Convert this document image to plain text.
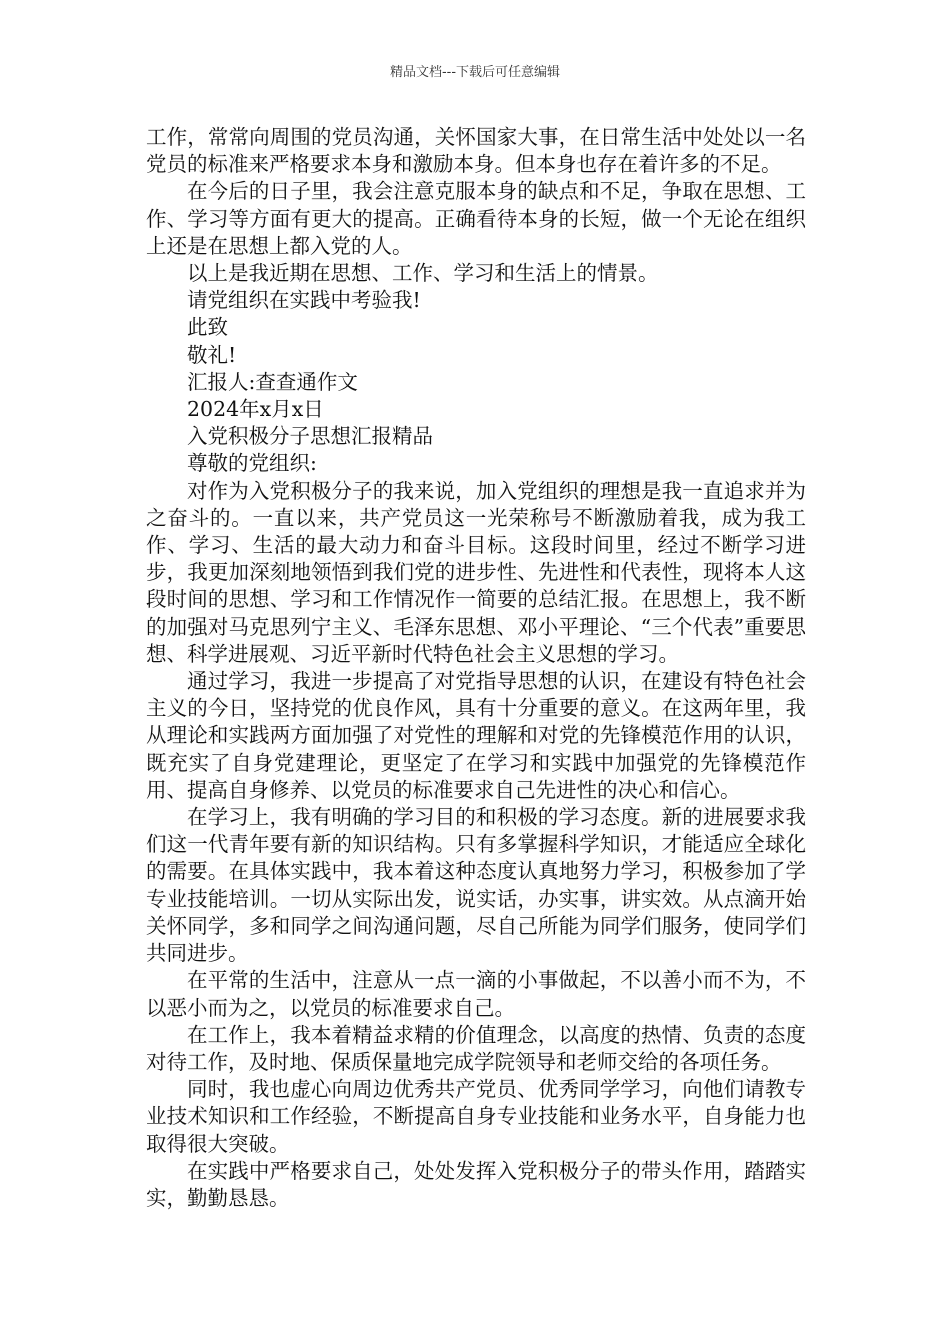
精品文档---下载后可任意编辑

工作，常常向周围的党员沟通，关怀国家大事，在日常生活中处处以一名党员的标准来严格要求本身和激励本身。但本身也存在着许多的不足。

在今后的日子里，我会注意克服本身的缺点和不足，争取在思想、工作、学习等方面有更大的提高。正确看待本身的长短，做一个无论在组织上还是在思想上都入党的人。

以上是我近期在思想、工作、学习和生活上的情景。

请党组织在实践中考验我!

此致

敬礼!

汇报人:查查通作文

2024年x月x日

入党积极分子思想汇报精品

尊敬的党组织:

对作为入党积极分子的我来说，加入党组织的理想是我一直追求并为之奋斗的。一直以来，共产党员这一光荣称号不断激励着我，成为我工作、学习、生活的最大动力和奋斗目标。这段时间里，经过不断学习进步，我更加深刻地领悟到我们党的进步性、先进性和代表性，现将本人这段时间的思想、学习和工作情况作一简要的总结汇报。在思想上，我不断的加强对马克思列宁主义、毛泽东思想、邓小平理论、“三个代表”重要思想、科学进展观、习近平新时代特色社会主义思想的学习。

通过学习，我进一步提高了对党指导思想的认识，在建设有特色社会主义的今日，坚持党的优良作风，具有十分重要的意义。在这两年里，我从理论和实践两方面加强了对党性的理解和对党的先锋模范作用的认识，既充实了自身党建理论，更坚定了在学习和实践中加强党的先锋模范作用、提高自身修养、以党员的标准要求自己先进性的决心和信心。

在学习上，我有明确的学习目的和积极的学习态度。新的进展要求我们这一代青年要有新的知识结构。只有多掌握科学知识，才能适应全球化的需要。在具体实践中，我本着这种态度认真地努力学习，积极参加了学专业技能培训。一切从实际出发，说实话，办实事，讲实效。从点滴开始关怀同学，多和同学之间沟通问题，尽自己所能为同学们服务，使同学们共同进步。

在平常的生活中，注意从一点一滴的小事做起，不以善小而不为，不以恶小而为之，以党员的标准要求自己。

在工作上，我本着精益求精的价值理念，以高度的热情、负责的态度对待工作，及时地、保质保量地完成学院领导和老师交给的各项任务。

同时，我也虚心向周边优秀共产党员、优秀同学学习，向他们请教专业技术知识和工作经验，不断提高自身专业技能和业务水平，自身能力也取得很大突破。

在实践中严格要求自己，处处发挥入党积极分子的带头作用，踏踏实实，勤勤恳恳。
